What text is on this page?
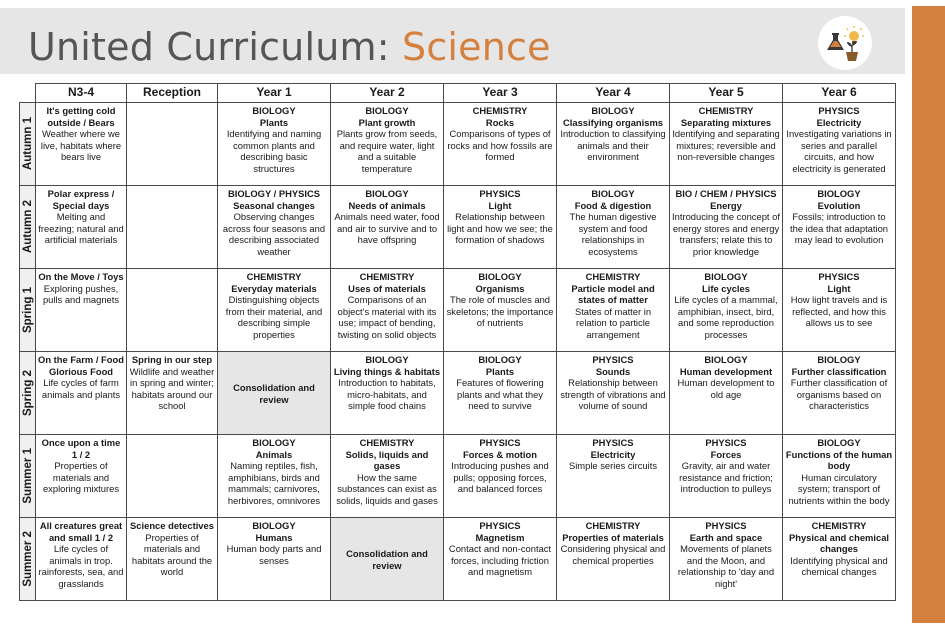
United Curriculum: Science
	N3-4	Reception	Year 1	Year 2	Year 3	Year 4	Year 5	Year 6

Autumn 1	It's getting cold outside / Bears
Weather where we live, habitats where bears live		BIOLOGY
Plants
Identifying and naming common plants and describing basic structures	BIOLOGY
Plant growth
Plants grow from seeds, and require water, light and a suitable temperature	CHEMISTRY
Rocks
Comparisons of types of rocks and how fossils are formed	BIOLOGY
Classifying organisms
Introduction to classifying animals and their environment	CHEMISTRY
Separating mixtures
Identifying and separating mixtures; reversible and non-reversible changes	PHYSICS
Electricity
Investigating variations in series and parallel circuits, and how electricity is generated

Autumn 2	Polar express / Special days
Melting and freezing; natural and artificial materials		BIOLOGY / PHYSICS
Seasonal changes
Observing changes across four seasons and describing associated weather	BIOLOGY
Needs of animals
Animals need water, food and air to survive and to have offspring	PHYSICS
Light
Relationship between light and how we see; the formation of shadows	BIOLOGY
Food & digestion
The human digestive system and food relationships in ecosystems	BIO / CHEM / PHYSICS
Energy
Introducing the concept of energy stores and energy transfers; relate this to prior knowledge	BIOLOGY
Evolution
Fossils; introduction to the idea that adaptation may lead to evolution

Spring 1	On the Move / Toys
Exploring pushes, pulls and magnets		CHEMISTRY
Everyday materials
Distinguishing objects from their material, and describing simple properties	CHEMISTRY
Uses of materials
Comparisons of an object's material with its use; impact of bending, twisting on solid objects	BIOLOGY
Organisms
The role of muscles and skeletons; the importance of nutrients	CHEMISTRY
Particle model and states of matter
States of matter in relation to particle arrangement	BIOLOGY
Life cycles
Life cycles of a mammal, amphibian, insect, bird, and some reproduction processes	PHYSICS
Light
How light travels and is reflected, and how this allows us to see

Spring 2	On the Farm / Food Glorious Food
Life cycles of farm animals and plants	Spring in our step
Wildlife and weather in spring and winter; habitats around our school	Consolidation and review	BIOLOGY
Living things & habitats
Introduction to habitats, micro-habitats, and simple food chains	BIOLOGY
Plants
Features of flowering plants and what they need to survive	PHYSICS
Sounds
Relationship between strength of vibrations and volume of sound	BIOLOGY
Human development
Human development to old age	BIOLOGY
Further classification
Further classification of organisms based on characteristics

Summer 1	Once upon a time 1 / 2
Properties of materials and exploring mixtures		BIOLOGY
Animals
Naming reptiles, fish, amphibians, birds and mammals; carnivores, herbivores, omnivores	CHEMISTRY
Solids, liquids and gases
How the same substances can exist as solids, liquids and gases	PHYSICS
Forces & motion
Introducing pushes and pulls; opposing forces, and balanced forces	PHYSICS
Electricity
Simple series circuits	PHYSICS
Forces
Gravity, air and water resistance and friction; introduction to pulleys	BIOLOGY
Functions of the human body
Human circulatory system; transport of nutrients within the body

Summer 2	All creatures great and small 1 / 2
Life cycles of animals in trop. rainforests, sea, and grasslands	Science detectives
Properties of materials and habitats around the world	BIOLOGY
Humans
Human body parts and senses	Consolidation and review	PHYSICS
Magnetism
Contact and non-contact forces, including friction and magnetism	CHEMISTRY
Properties of materials
Considering physical and chemical properties	PHYSICS
Earth and space
Movements of planets and the Moon, and relationship to 'day and night'	CHEMISTRY
Physical and chemical changes
Identifying physical and chemical changes
